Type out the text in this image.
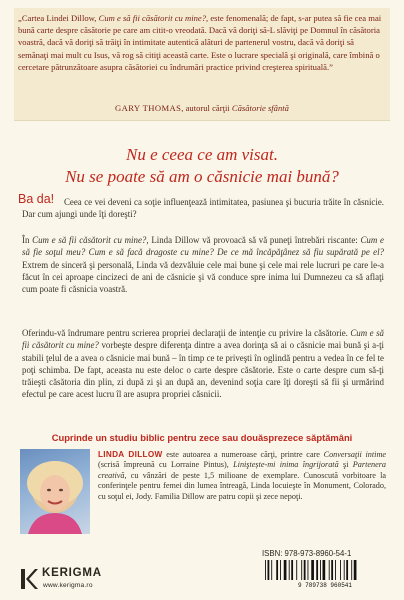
„Cartea Lindei Dillow, Cum e să fii căsătorit cu mine?, este fenomenală; de fapt, s-ar putea să fie cea mai bună carte despre căsătorie pe care am citit-o vreodată. Dacă vă doriţi să-L slăviţi pe Domnul în căsătoria voastră, dacă vă doriţi să trăiţi în intimitate autentică alături de partenerul vostru, dacă vă doriţi să semănaţi mai mult cu Isus, vă rog să citiţi această carte. Este o lucrare specială şi originală, care îmbină o cercetare pătrunzătoare asupra căsătoriei cu îndrumări practice privind creşterea spirituală.”
GARY THOMAS, autorul cărţii Căsătorie sfântă
Nu e ceea ce am visat.
Nu se poate să am o căsnicie mai bună?
Ba da!	Ceea ce vei deveni ca soţie influenţează intimitatea, pasiunea şi bucuria trăite în căsnicie. Dar cum ajungi unde îţi doreşti?
În Cum e să fii căsătorit cu mine?, Linda Dillow vă provoacă să vă puneţi întrebări riscante: Cum e să fie soţul meu? Cum e să facă dragoste cu mine? De ce mă încăpăţânez să fiu supărată pe el? Extrem de sinceră şi personală, Linda vă dezvăluie cele mai bune şi cele mai rele lucruri pe care le-a făcut în cei aproape cincizeci de ani de căsnicie şi vă conduce spre inima lui Dumnezeu ca să aflaţi cum poate fi căsnicia voastră.
Oferindu-vă îndrumare pentru scrierea propriei declaraţii de intenţie cu privire la căsătorie. Cum e să fii căsătorit cu mine? vorbeşte despre diferenţa dintre a avea dorinţa să ai o căsnicie mai bună şi a-ţi stabili ţelul de a avea o căsnicie mai bună – în timp ce te priveşti în oglindă pentru a vedea în ce fel te poţi schimba. De fapt, aceasta nu este deloc o carte despre căsătorie. Este o carte despre cum să-ţi trăieşti căsătoria din plin, zi după zi şi an după an, devenind soţia care îţi doreşti să fii şi urmărind efectul pe care acest lucru îl are asupra propriei căsnicii.
Cuprinde un studiu biblic pentru zece sau douăsprezece săptămâni
LINDA DILLOW este autoarea a numeroase cărţi, printre care Conversaţii intime (scrisă împreună cu Lorraine Pintus), Liniştește-mi inima îngrijorată şi Partenera creativă, cu vânzări de peste 1,5 milioane de exemplare. Cunoscută vorbitoare la conferinţele pentru femei din lumea întreagă, Linda locuieşte în Monument, Colorado, cu soţul ei, Jody. Familia Dillow are patru copii şi zece nepoţi.
ISBN: 978-973-8960-54-1
9 789738 960541
KERIGMA
www.kerigma.ro
